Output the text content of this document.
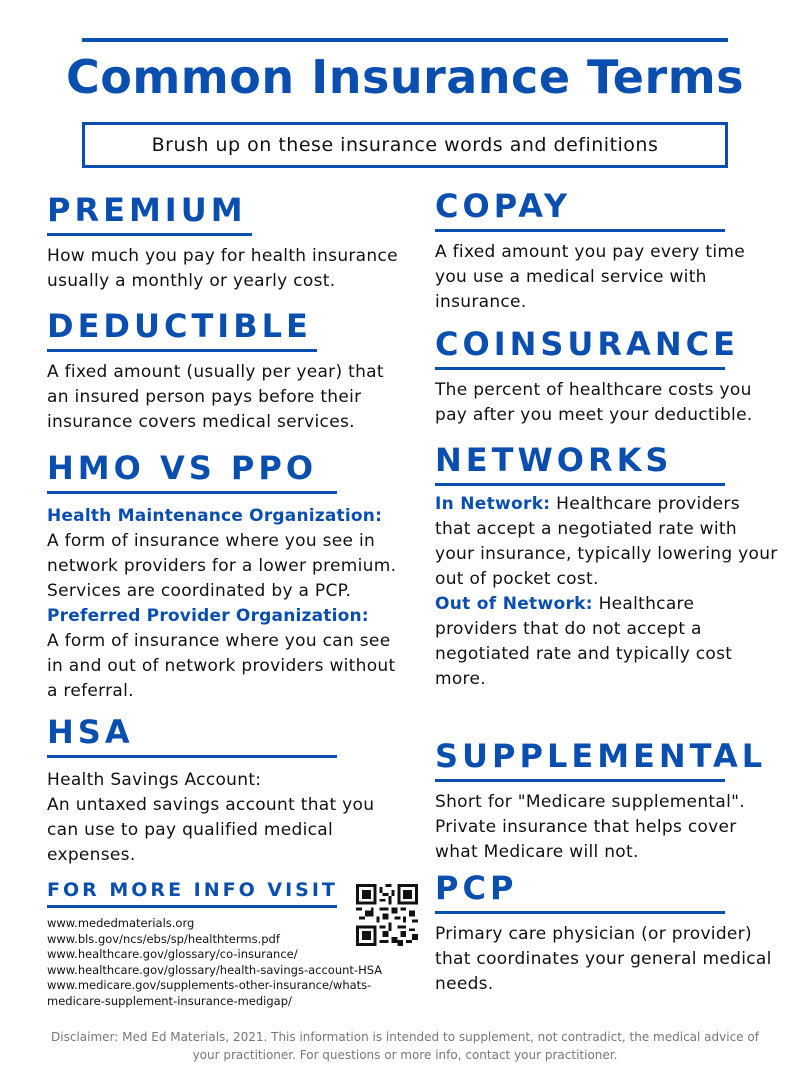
Common Insurance Terms
Brush up on these insurance words and definitions
PREMIUM
How much you pay for health insurance usually a monthly or yearly cost.
DEDUCTIBLE
A fixed amount (usually per year) that an insured person pays before their insurance covers medical services.
HMO VS PPO
Health Maintenance Organization:
A form of insurance where you see in network providers for a lower premium. Services are coordinated by a PCP.
Preferred Provider Organization:
A form of insurance where you can see in and out of network providers without a referral.
HSA
Health Savings Account:
An untaxed savings account that you can use to pay qualified medical expenses.
FOR MORE INFO VISIT
www.mededmaterials.org
www.bls.gov/ncs/ebs/sp/healthterms.pdf
www.healthcare.gov/glossary/co-insurance/
www.healthcare.gov/glossary/health-savings-account-HSA
www.medicare.gov/supplements-other-insurance/whats-
medicare-supplement-insurance-medigap/
COPAY
A fixed amount you pay every time you use a medical service with insurance.
COINSURANCE
The percent of healthcare costs you pay after you meet your deductible.
NETWORKS
In Network: Healthcare providers that accept a negotiated rate with your insurance, typically lowering your out of pocket cost.
Out of Network: Healthcare providers that do not accept a negotiated rate and typically cost more.
SUPPLEMENTAL
Short for "Medicare supplemental". Private insurance that helps cover what Medicare will not.
PCP
Primary care physician (or provider) that coordinates your general medical needs.
Disclaimer: Med Ed Materials, 2021. This information is intended to supplement, not contradict, the medical advice of your practitioner. For questions or more info, contact your practitioner.
